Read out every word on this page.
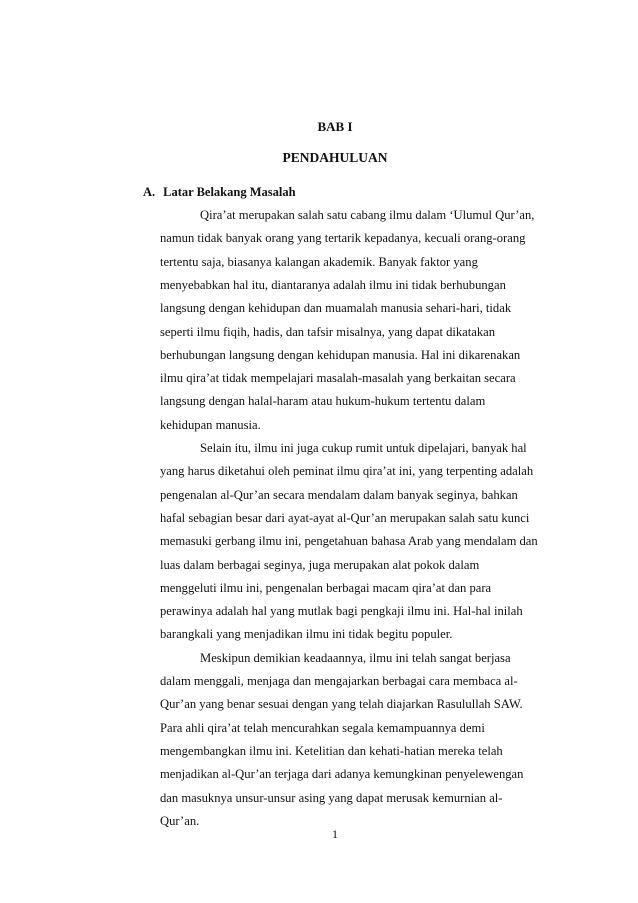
BAB I
PENDAHULUAN
A. Latar Belakang Masalah
Qira’at merupakan salah satu cabang ilmu dalam ‘Ulumul Qur’an,
namun tidak banyak orang yang tertarik kepadanya, kecuali orang-orang
tertentu saja, biasanya kalangan akademik. Banyak faktor yang
menyebabkan hal itu, diantaranya adalah ilmu ini tidak berhubungan
langsung dengan kehidupan dan muamalah manusia sehari-hari, tidak
seperti ilmu fiqih, hadis, dan tafsir misalnya, yang dapat dikatakan
berhubungan langsung dengan kehidupan manusia. Hal ini dikarenakan
ilmu qira’at tidak mempelajari masalah-masalah yang berkaitan secara
langsung dengan halal-haram atau hukum-hukum tertentu dalam
kehidupan manusia.
Selain itu, ilmu ini juga cukup rumit untuk dipelajari, banyak hal
yang harus diketahui oleh peminat ilmu qira’at ini, yang terpenting adalah
pengenalan al-Qur’an secara mendalam dalam banyak seginya, bahkan
hafal sebagian besar dari ayat-ayat al-Qur’an merupakan salah satu kunci
memasuki gerbang ilmu ini, pengetahuan bahasa Arab yang mendalam dan
luas dalam berbagai seginya, juga merupakan alat pokok dalam
menggeluti ilmu ini, pengenalan berbagai macam qira’at dan para
perawinya adalah hal yang mutlak bagi pengkaji ilmu ini. Hal-hal inilah
barangkali yang menjadikan ilmu ini tidak begitu populer.
Meskipun demikian keadaannya, ilmu ini telah sangat berjasa
dalam menggali, menjaga dan mengajarkan berbagai cara membaca al-
Qur’an yang benar sesuai dengan yang telah diajarkan Rasulullah SAW.
Para ahli qira’at telah mencurahkan segala kemampuannya demi
mengembangkan ilmu ini. Ketelitian dan kehati-hatian mereka telah
menjadikan al-Qur’an terjaga dari adanya kemungkinan penyelewengan
dan masuknya unsur-unsur asing yang dapat merusak kemurnian al-
Qur’an.
1
